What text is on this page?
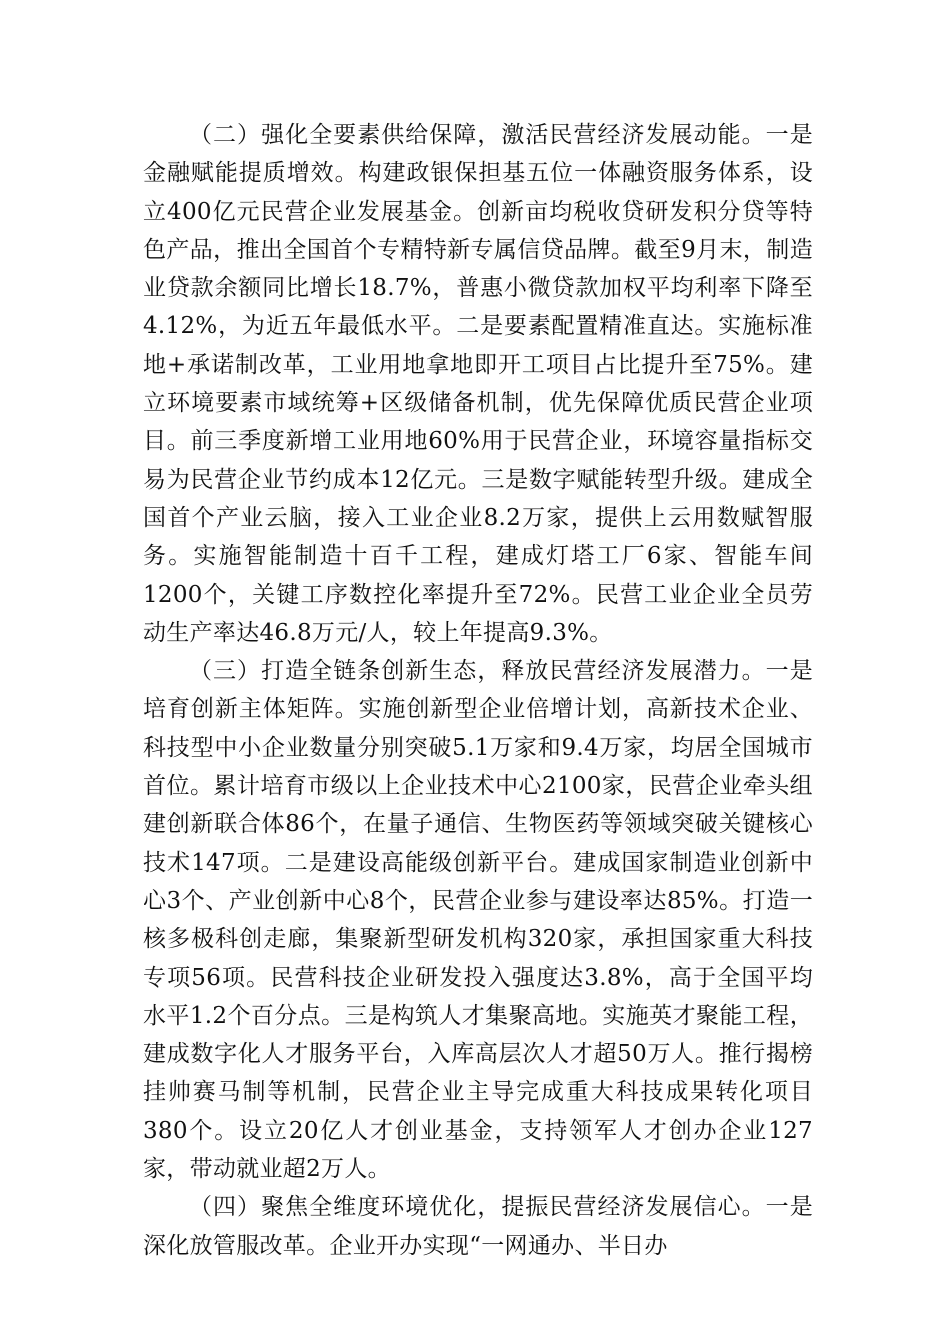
（二）强化全要素供给保障，激活民营经济发展动能。一是金融赋能提质增效。构建政银保担基五位一体融资服务体系，设立400亿元民营企业发展基金。创新亩均税收贷研发积分贷等特色产品，推出全国首个专精特新专属信贷品牌。截至9月末，制造业贷款余额同比增长18.7%，普惠小微贷款加权平均利率下降至4.12%，为近五年最低水平。二是要素配置精准直达。实施标准地+承诺制改革，工业用地拿地即开工项目占比提升至75%。建立环境要素市域统筹+区级储备机制，优先保障优质民营企业项目。前三季度新增工业用地60%用于民营企业，环境容量指标交易为民营企业节约成本12亿元。三是数字赋能转型升级。建成全国首个产业云脑，接入工业企业8.2万家，提供上云用数赋智服务。实施智能制造十百千工程，建成灯塔工厂6家、智能车间1200个，关键工序数控化率提升至72%。民营工业企业全员劳动生产率达46.8万元/人，较上年提高9.3%。

（三）打造全链条创新生态，释放民营经济发展潜力。一是培育创新主体矩阵。实施创新型企业倍增计划，高新技术企业、科技型中小企业数量分别突破5.1万家和9.4万家，均居全国城市首位。累计培育市级以上企业技术中心2100家，民营企业牵头组建创新联合体86个，在量子通信、生物医药等领域突破关键核心技术147项。二是建设高能级创新平台。建成国家制造业创新中心3个、产业创新中心8个，民营企业参与建设率达85%。打造一核多极科创走廊，集聚新型研发机构320家，承担国家重大科技专项56项。民营科技企业研发投入强度达3.8%，高于全国平均水平1.2个百分点。三是构筑人才集聚高地。实施英才聚能工程，建成数字化人才服务平台，入库高层次人才超50万人。推行揭榜挂帅赛马制等机制，民营企业主导完成重大科技成果转化项目380个。设立20亿人才创业基金，支持领军人才创办企业127家，带动就业超2万人。

（四）聚焦全维度环境优化，提振民营经济发展信心。一是深化放管服改革。企业开办实现“一网通办、半日办
